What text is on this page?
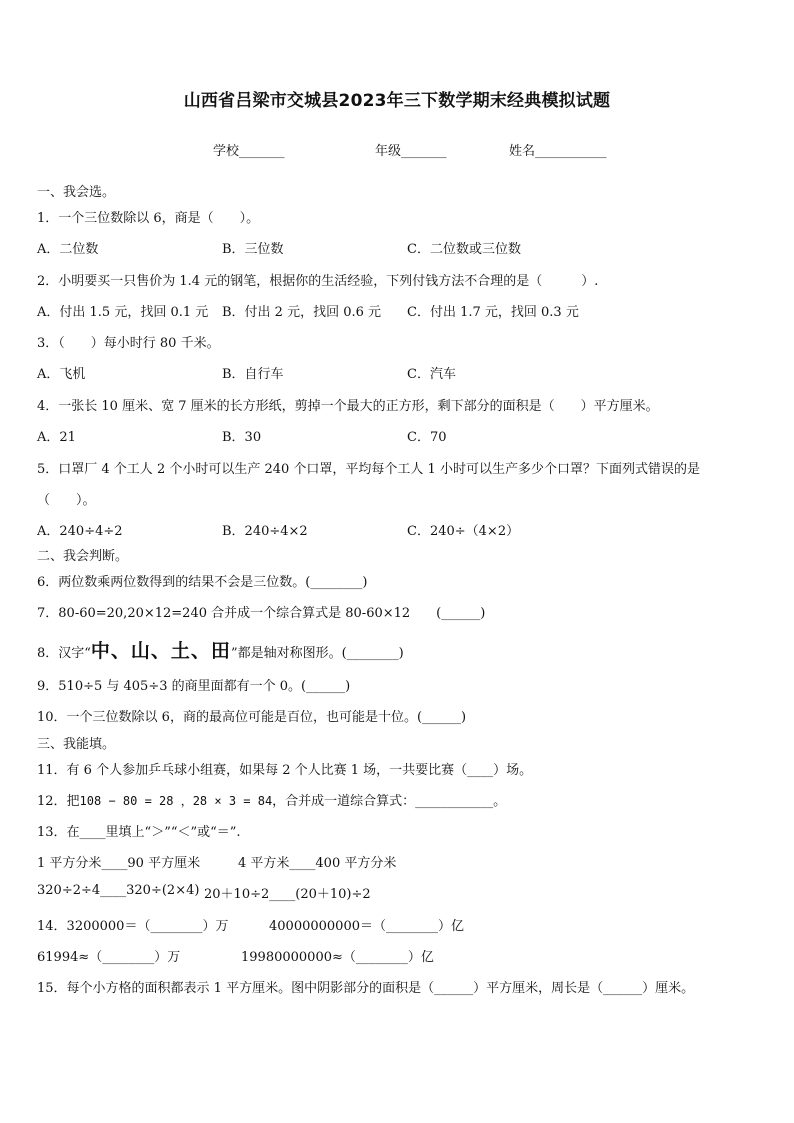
山西省吕梁市交城县2023年三下数学期末经典模拟试题
学校_______	年级_______	姓名___________
一、我会选。
1．一个三位数除以 6，商是（　　）。
A．二位数	B．三位数	C．二位数或三位数
2．小明要买一只售价为 1.4 元的钢笔，根据你的生活经验，下列付钱方法不合理的是（　　　）.
A．付出 1.5 元，找回 0.1 元 B．付出 2 元，找回 0.6 元 C．付出 1.7 元，找回 0.3 元
3．（　　）每小时行 80 千米。
A．飞机	B．自行车	C．汽车
4．一张长 10 厘米、宽 7 厘米的长方形纸，剪掉一个最大的正方形，剩下部分的面积是（　　）平方厘米。
A．21	B．30	C．70
5．口罩厂 4 个工人 2 个小时可以生产 240 个口罩，平均每个工人 1 小时可以生产多少个口罩？下面列式错误的是
（　　）。
A．240÷4÷2	B．240÷4×2	C．240÷（4×2）
二、我会判断。
6．两位数乘两位数得到的结果不会是三位数。(________)
7．80-60=20,20×12=240 合并成一个综合算式是 80-60×12　　(______)
8．汉字“中、山、土、田”都是轴对称图形。(________)
9．510÷5 与 405÷3 的商里面都有一个 0。(______)
10．一个三位数除以 6，商的最高位可能是百位，也可能是十位。(______)
三、我能填。
11．有 6 个人参加乒乓球小组赛，如果每 2 个人比赛 1 场，一共要比赛（____）场。
12．把108 − 80 = 28 ，28 × 3 = 84，合并成一道综合算式：____________。
13．在____里填上“＞”“＜”或“＝”.
1 平方分米____90 平方厘米	4 平方米____400 平方分米
320÷2÷4____320÷(2×4) 20＋10÷2____(20＋10)÷2
14．3200000＝（________）万	40000000000＝（________）亿
61994≈（________）万	19980000000≈（________）亿
15．每个小方格的面积都表示 1 平方厘米。图中阴影部分的面积是（______）平方厘米，周长是（______）厘米。
